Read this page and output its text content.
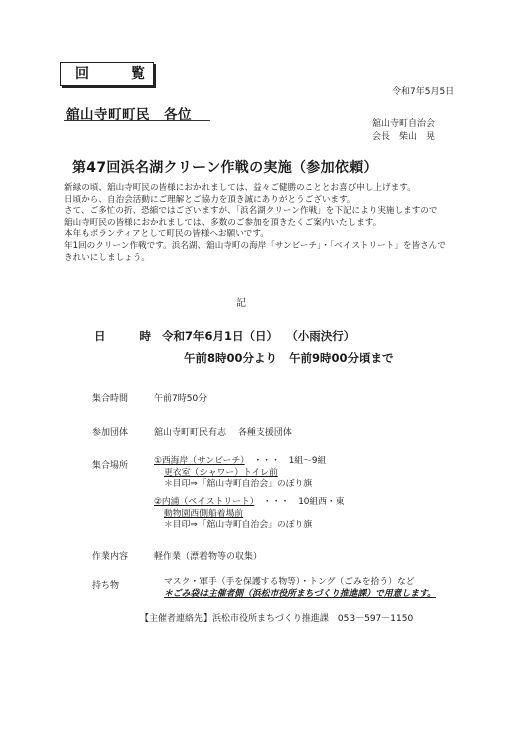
回　覧
令和7年5月5日
舘山寺町町民　各位
舘山寺町自治会
会長　柴山　晃
第47回浜名湖クリーン作戦の実施（参加依頼）
新緑の頃、舘山寺町民の皆様におかれましては、益々ご健勝のこととお喜び申し上げます。
日頃から、自治会活動にご理解とご協力を頂き誠にありがとうございます。
さて、ご多忙の折、恐縮ではございますが、「浜名湖クリーン作戦」を下記により実施しますので
舘山寺町民の皆様におかれましては、多数のご参加を頂きたくご案内いたします。
本年もボランティアとして町民の皆様へお願いです。
年1回のクリーン作戦です。浜名湖、舘山寺町の海岸「サンビーチ」・「ベイストリート」を皆さんで
きれいにしましょう。
記
日 時 令和7年6月1日（日） （小雨決行）
午前8時00分より 午前9時00分頃まで
集合時間	午前7時50分
参加団体	舘山寺町町民有志　 各種支援団体
集合場所	①西海岸（サンビーチ）　 ・・・　 1組～9組
更衣室（シャワー）トイレ前
＊目印⇒「舘山寺町自治会」のぼり旗
②内浦（ベイストリート）　 ・・・　 10組西・東
動物園西側船着場前
＊目印⇒「舘山寺町自治会」のぼり旗
作業内容	軽作業（漂着物等の収集）
持ち物	マスク・軍手（手を保護する物等）・トング（ごみを拾う）など
＊ごみ袋は主催者側（浜松市役所まちづくり推進課）で用意します。
【主催者連絡先】浜松市役所まちづくり推進課　053－597－1150
